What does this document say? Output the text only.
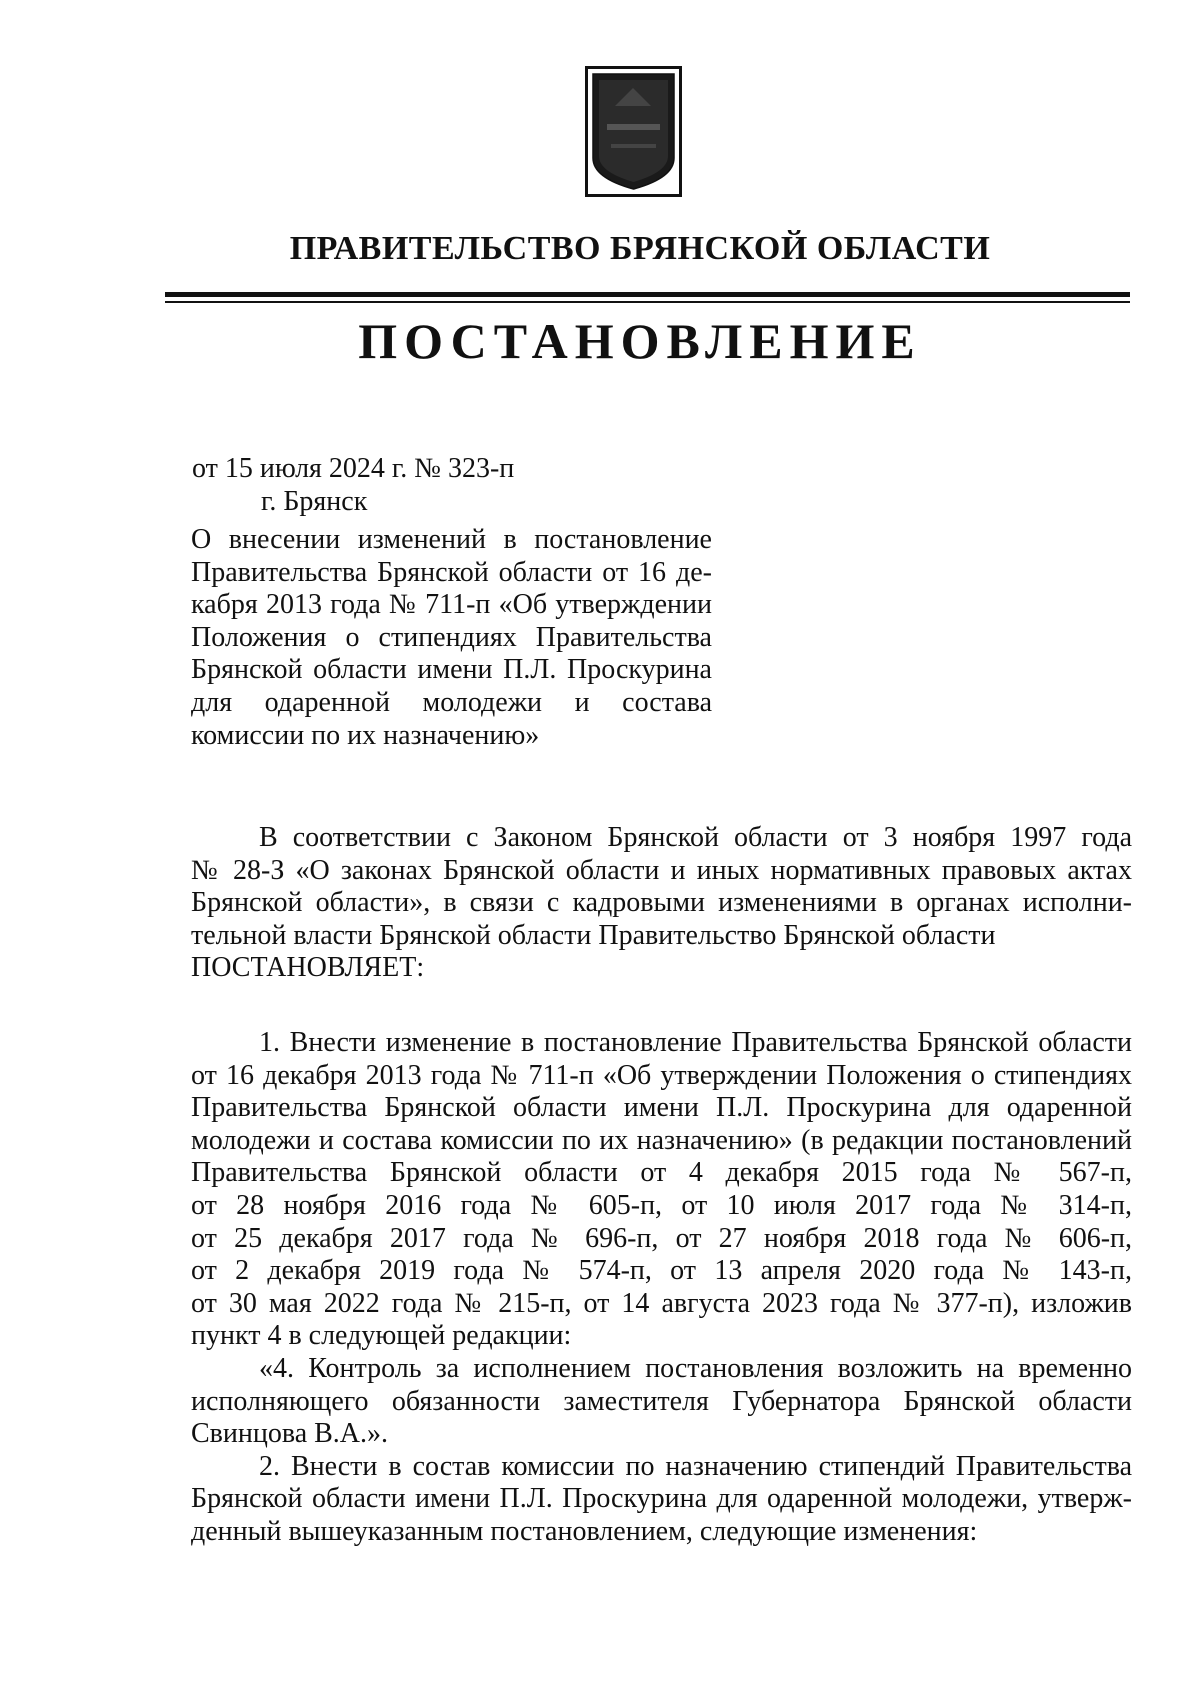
ПРАВИТЕЛЬСТВО БРЯНСКОЙ ОБЛАСТИ
ПОСТАНОВЛЕНИЕ
от 15 июля 2024 г. № 323-п
г. Брянск
О внесении изменений в постановление
Правительства Брянской области от 16 де-
кабря 2013 года № 711-п «Об утверждении
Положения о стипендиях Правительства
Брянской области имени П.Л. Проскурина
для одаренной молодежи и состава
комиссии по их назначению»
В соответствии с Законом Брянской области от 3 ноября 1997 года
№ 28-З «О законах Брянской области и иных нормативных правовых актах
Брянской области», в связи с кадровыми изменениями в органах исполни-
тельной власти Брянской области Правительство Брянской области
ПОСТАНОВЛЯЕТ:
1. Внести изменение в постановление Правительства Брянской области
от 16 декабря 2013 года № 711-п «Об утверждении Положения о стипендиях
Правительства Брянской области имени П.Л. Проскурина для одаренной
молодежи и состава комиссии по их назначению» (в редакции постановлений
Правительства Брянской области от 4 декабря 2015 года № 567-п,
от 28 ноября 2016 года № 605-п, от 10 июля 2017 года № 314-п,
от 25 декабря 2017 года № 696-п, от 27 ноября 2018 года № 606-п,
от 2 декабря 2019 года № 574-п, от 13 апреля 2020 года № 143-п,
от 30 мая 2022 года № 215-п, от 14 августа 2023 года № 377-п), изложив
пункт 4 в следующей редакции:
«4. Контроль за исполнением постановления возложить на временно
исполняющего обязанности заместителя Губернатора Брянской области
Свинцова В.А.».
2. Внести в состав комиссии по назначению стипендий Правительства
Брянской области имени П.Л. Проскурина для одаренной молодежи, утверж-
денный вышеуказанным постановлением, следующие изменения:
